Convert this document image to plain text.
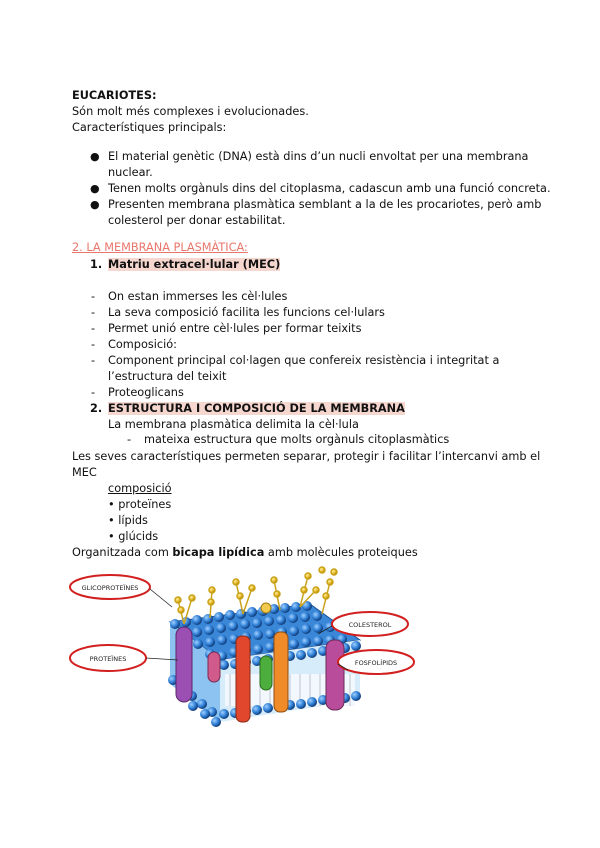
EUCARIOTES:
Són molt més complexes i evolucionades.
Característiques principals:
● El material genètic (DNA) està dins d’un nucli envoltat per una membrana
nuclear.
● Tenen molts orgànuls dins del citoplasma, cadascun amb una funció concreta.
● Presenten membrana plasmàtica semblant a la de les procariotes, però amb
colesterol per donar estabilitat.
2. LA MEMBRANA PLASMÀTICA:
1. Matriu extracel·lular (MEC)
- On estan immerses les cèl·lules
- La seva composició facilita les funcions cel·lulars
- Permet unió entre cèl·lules per formar teixits
- Composició:
- Component principal col·lagen que confereix resistència i integritat a
l’estructura del teixit
- Proteoglicans
2. ESTRUCTURA I COMPOSICIÓ DE LA MEMBRANA
La membrana plasmàtica delimita la cèl·lula
- mateixa estructura que molts orgànuls citoplasmàtics
Les seves característiques permeten separar, protegir i facilitar l’intercanvi amb el
MEC
composició
• proteïnes
• lípids
• glúcids
Organitzada com bicapa lipídica amb molècules proteiques
GLICOPROTEÏNES
COLESTEROL
PROTEÏNES	FOSFOLÍPIDS
